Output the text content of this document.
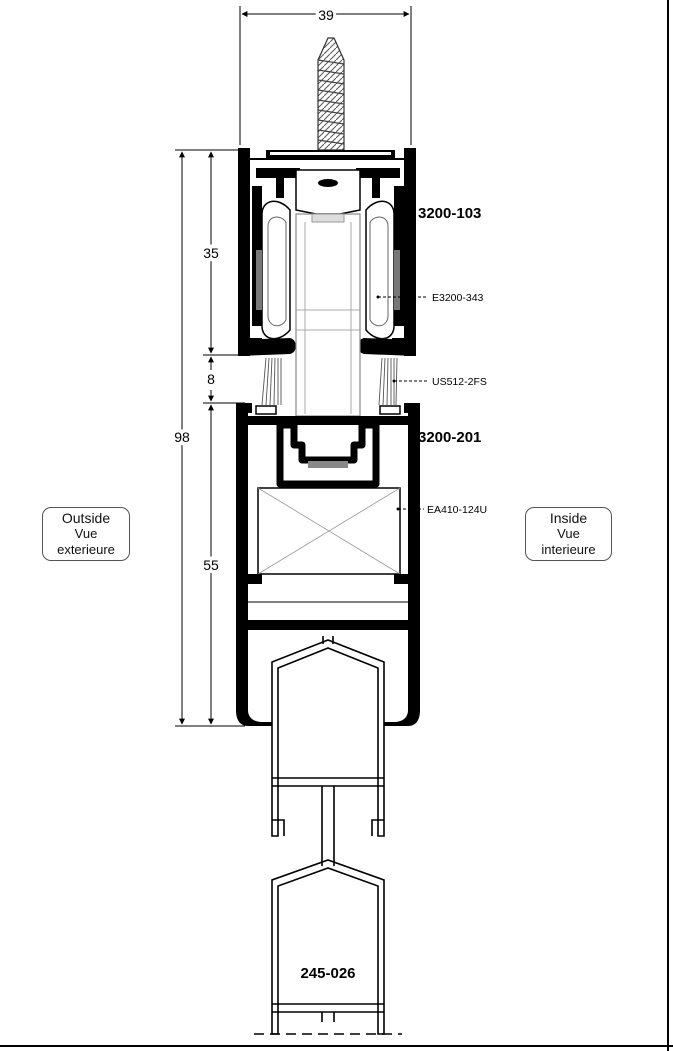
39
98
35
8
55
3200-103
3200-201
245-026
E3200-343
US512-2FS
EA410-124U
Outside
Vue exterieure
Inside
Vue interieure
